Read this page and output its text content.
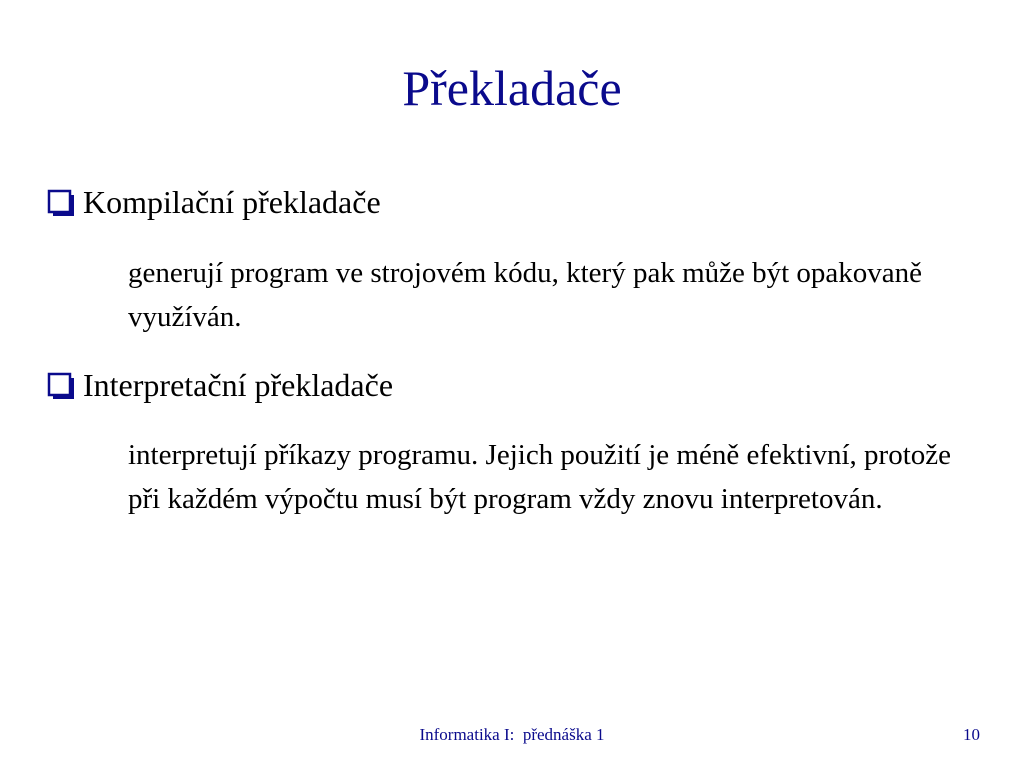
Překladače
Kompilační překladače
generují program ve strojovém kódu, který pak může být opakovaně využíván.
Interpretační překladače
interpretují příkazy programu. Jejich použití je méně efektivní, protože při každém výpočtu musí být program vždy znovu interpretován.
Informatika I:  přednáška 1	10
